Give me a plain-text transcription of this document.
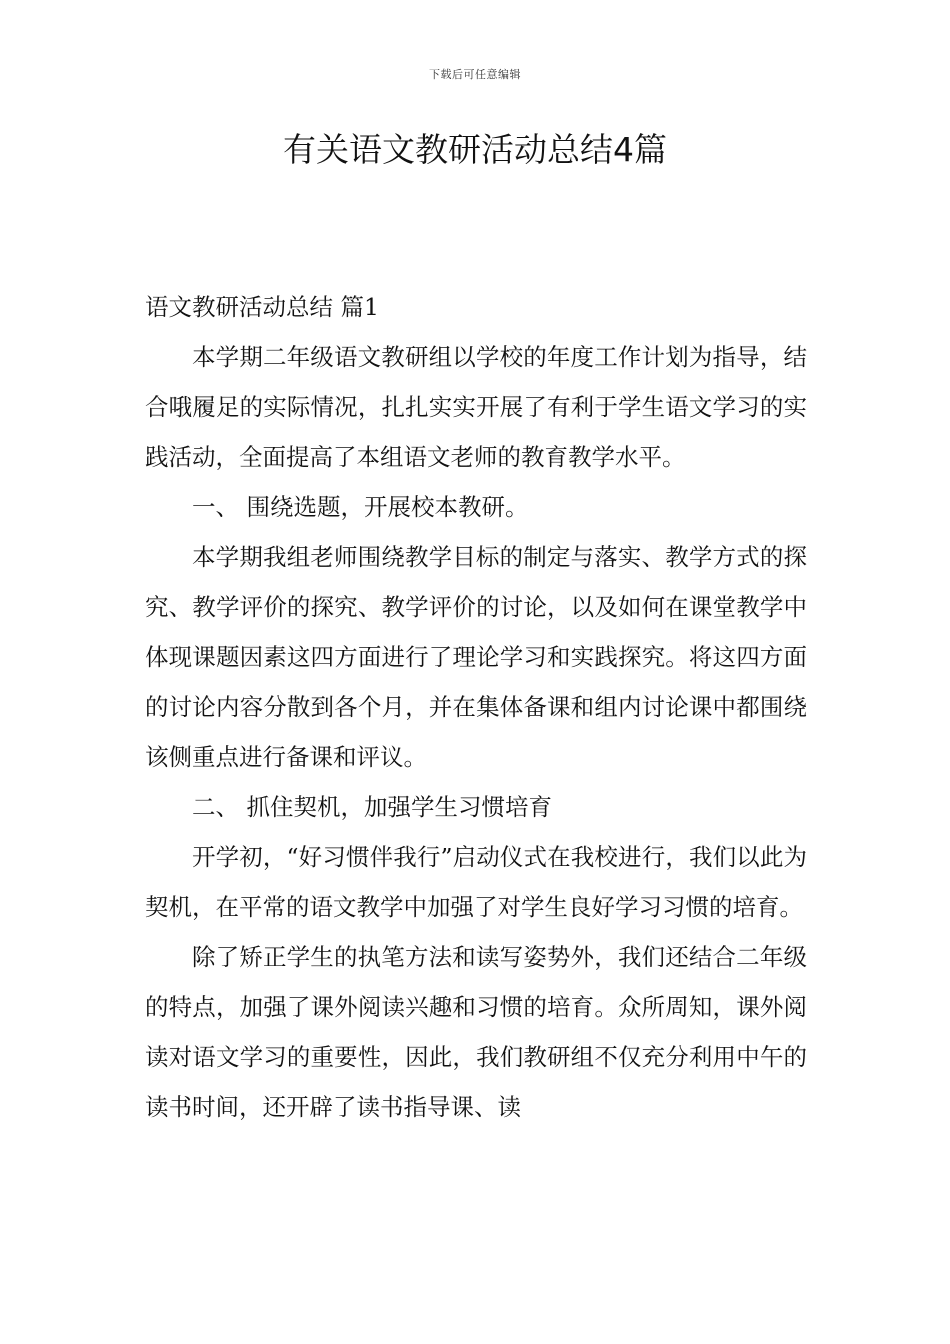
下载后可任意编辑
有关语文教研活动总结4篇

语文教研活动总结 篇1

本学期二年级语文教研组以学校的年度工作计划为指导，结合哦履足的实际情况，扎扎实实开展了有利于学生语文学习的实践活动，全面提高了本组语文老师的教育教学水平。

一、 围绕选题，开展校本教研。

本学期我组老师围绕教学目标的制定与落实、教学方式的探究、教学评价的探究、教学评价的讨论，以及如何在课堂教学中体现课题因素这四方面进行了理论学习和实践探究。将这四方面的讨论内容分散到各个月，并在集体备课和组内讨论课中都围绕该侧重点进行备课和评议。

二、 抓住契机，加强学生习惯培育

开学初，“好习惯伴我行”启动仪式在我校进行，我们以此为契机，在平常的语文教学中加强了对学生良好学习习惯的培育。

除了矫正学生的执笔方法和读写姿势外，我们还结合二年级的特点，加强了课外阅读兴趣和习惯的培育。众所周知，课外阅读对语文学习的重要性，因此，我们教研组不仅充分利用中午的读书时间，还开辟了读书指导课、读
